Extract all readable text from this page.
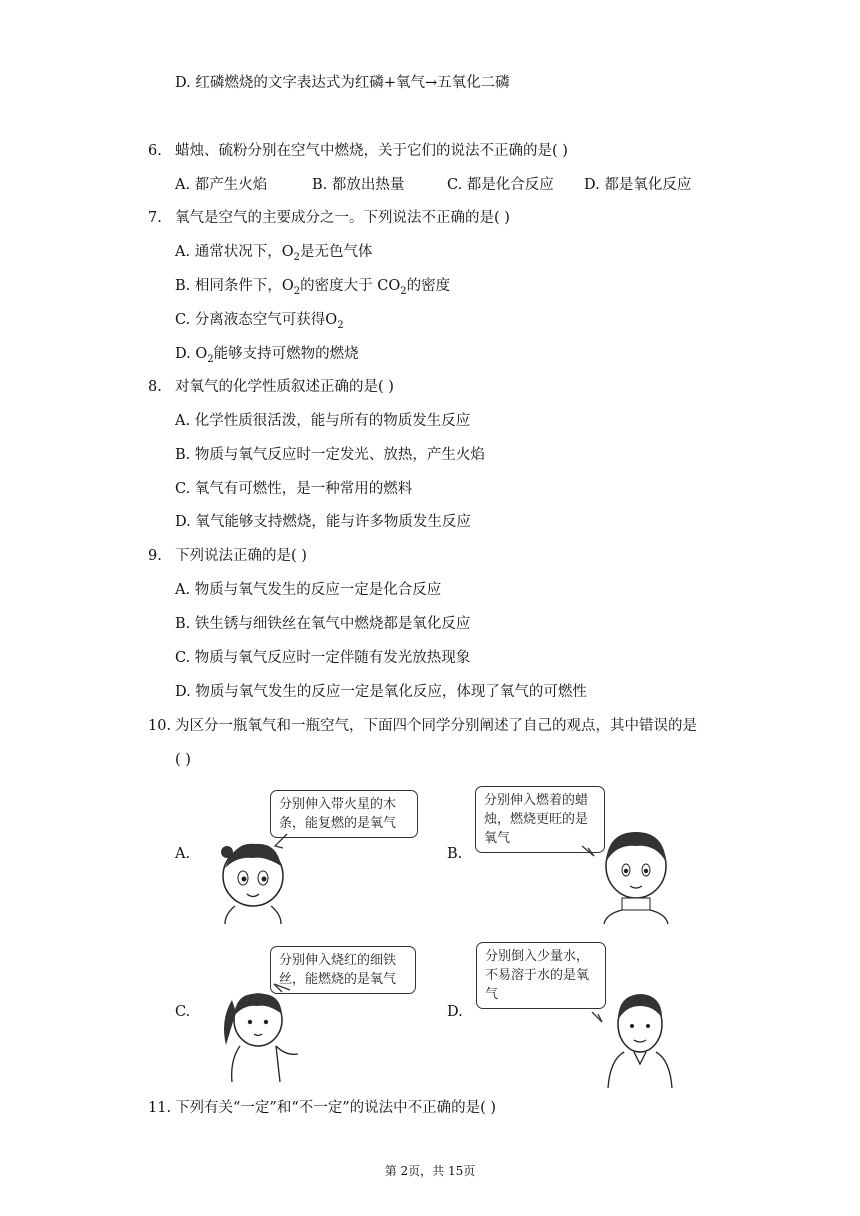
D. 红磷燃烧的文字表达式为红磷+氧气→五氧化二磷
6. 蜡烛、硫粉分别在空气中燃烧，关于它们的说法不正确的是( )
A. 都产生火焰	B. 都放出热量	C. 都是化合反应 D. 都是氧化反应
7. 氧气是空气的主要成分之一。下列说法不正确的是( )
A. 通常状况下，$O_2$是无色气体
B. 相同条件下，$O_2$的密度大于 $CO_2$的密度
C. 分离液态空气可获得$O_2$
D. $O_2$能够支持可燃物的燃烧
8. 对氧气的化学性质叙述正确的是( )
A. 化学性质很活泼，能与所有的物质发生反应
B. 物质与氧气反应时一定发光、放热，产生火焰
C. 氧气有可燃性，是一种常用的燃料
D. 氧气能够支持燃烧，能与许多物质发生反应
9. 下列说法正确的是( )
A. 物质与氧气发生的反应一定是化合反应
B. 铁生锈与细铁丝在氧气中燃烧都是氧化反应
C. 物质与氧气反应时一定伴随有发光放热现象
D. 物质与氧气发生的反应一定是氧化反应，体现了氧气的可燃性
10. 为区分一瓶氧气和一瓶空气，下面四个同学分别阐述了自己的观点，其中错误的是
( )
A.
分别伸入带火星的木条，能复燃的是氧气
B.
分别伸入燃着的蜡烛，燃烧更旺的是氧气
C.
分别伸入烧红的细铁丝，能燃烧的是氧气
D.
分别倒入少量水，不易溶于水的是氧气
11. 下列有关“一定”和“不一定”的说法中不正确的是( )
第 2页，共 15页
